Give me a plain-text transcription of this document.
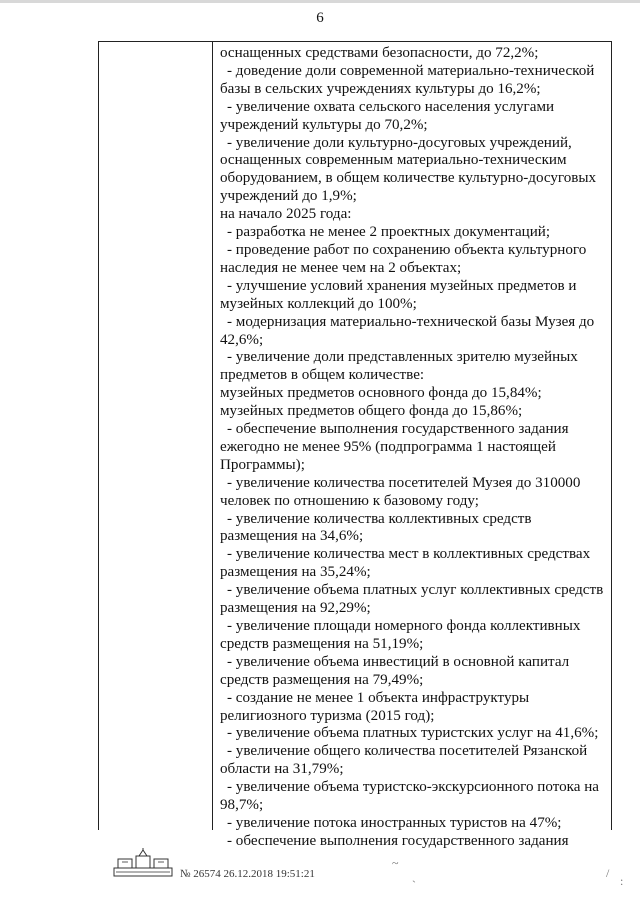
6
оснащенных средствами безопасности, до 72,2%;
- доведение доли современной материально-технической
базы в сельских учреждениях культуры до 16,2%;
- увеличение охвата сельского населения услугами
учреждений культуры до 70,2%;
- увеличение доли культурно-досуговых учреждений,
оснащенных современным материально-техническим
оборудованием, в общем количестве культурно-досуговых
учреждений до 1,9%;
на начало 2025 года:
- разработка не менее 2 проектных документаций;
- проведение работ по сохранению объекта культурного
наследия не менее чем на 2 объектах;
- улучшение условий хранения музейных предметов и
музейных коллекций до 100%;
- модернизация материально-технической базы Музея до
42,6%;
- увеличение доли представленных зрителю музейных
предметов в общем количестве:
музейных предметов основного фонда до 15,84%;
музейных предметов общего фонда до 15,86%;
- обеспечение выполнения государственного задания
ежегодно не менее 95% (подпрограмма 1 настоящей
Программы);
- увеличение количества посетителей Музея до 310000
человек по отношению к базовому году;
- увеличение количества коллективных средств
размещения на 34,6%;
- увеличение количества мест в коллективных средствах
размещения на 35,24%;
- увеличение объема платных услуг коллективных средств
размещения на 92,29%;
- увеличение площади номерного фонда коллективных
средств размещения на 51,19%;
- увеличение объема инвестиций в основной капитал
средств размещения на 79,49%;
- создание не менее 1 объекта инфраструктуры
религиозного туризма (2015 год);
- увеличение объема платных туристских услуг на 41,6%;
- увеличение общего количества посетителей Рязанской
области на 31,79%;
- увеличение объема туристско-экскурсионного потока на
98,7%;
- увеличение потока иностранных туристов на 47%;
- обеспечение выполнения государственного задания
№ 26574 26.12.2018 19:51:21
~
`
/
:
